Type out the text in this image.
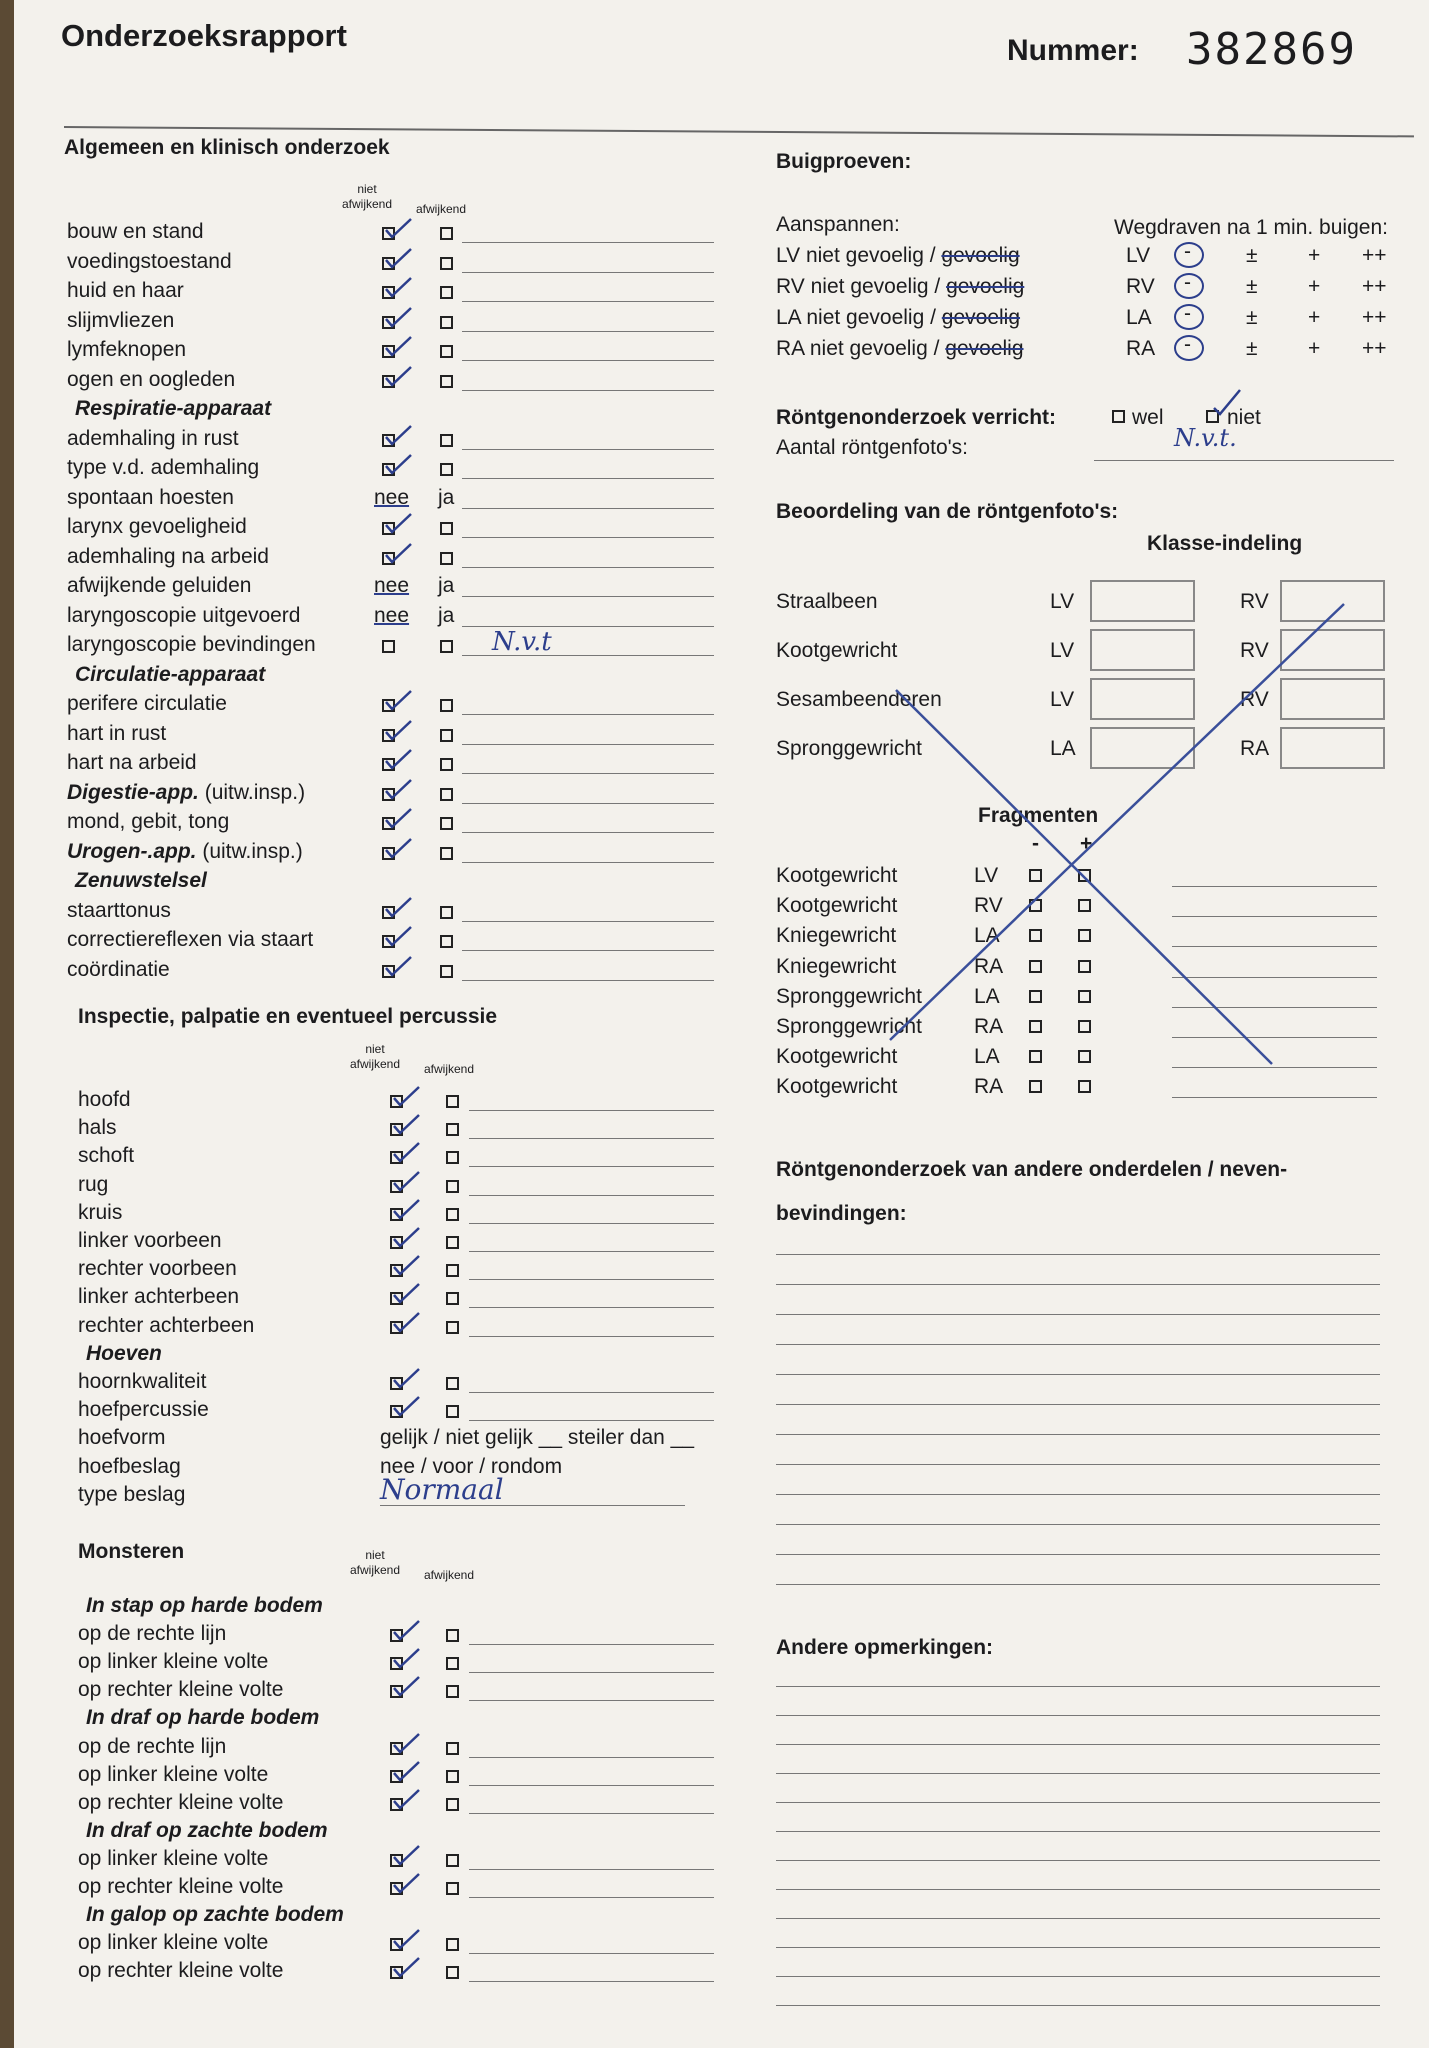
Onderzoeksrapport	Nummer: 382869
Algemeen en klinisch onderzoek
niet afwijkend	afwijkend
bouw en stand
voedingstoestand
huid en haar
slijmvliezen
lymfeknopen
ogen en oogleden
Respiratie-apparaat
ademhaling in rust
type v.d. ademhaling
spontaan hoesten	nee ja
larynx gevoeligheid
ademhaling na arbeid
afwijkende geluiden	nee ja
laryngoscopie uitgevoerd	nee ja
laryngoscopie bevindingen	N.v.t
Circulatie-apparaat
perifere circulatie
hart in rust
hart na arbeid
Digestie-app. (uitw.insp.)
mond, gebit, tong
Urogen-.app. (uitw.insp.)
Zenuwstelsel
staarttonus
correctiereflexen via staart
coördinatie
Inspectie, palpatie en eventueel percussie
niet afwijkend	afwijkend
hoofd
hals
schoft
rug
kruis
linker voorbeen
rechter voorbeen
linker achterbeen
rechter achterbeen
Hoeven
hoornkwaliteit
hoefpercussie
hoefvorm	gelijk / niet gelijk __ steiler dan __
hoefbeslag	nee / voor / rondom
type beslag	Normaal
Monsteren	niet afwijkend	afwijkend
In stap op harde bodem
op de rechte lijn
op linker kleine volte
op rechter kleine volte
In draf op harde bodem
op de rechte lijn
op linker kleine volte
op rechter kleine volte
In draf op zachte bodem
op linker kleine volte
op rechter kleine volte
In galop op zachte bodem
op linker kleine volte
op rechter kleine volte
Buigproeven:
Aanspannen:	Wegdraven na 1 min. buigen:
LV niet gevoelig / gevoelig	LV -	± + ++
RV niet gevoelig / gevoelig	RV -	± + ++
LA niet gevoelig / gevoelig	LA -	± + ++
RA niet gevoelig / gevoelig	RA -	± + ++
Röntgenonderzoek verricht:	wel	niet
Aantal röntgenfoto's:	N.v.t.
Beoordeling van de röntgenfoto's:
Klasse-indeling
Straalbeen	LV	RV
Kootgewricht	LV	RV
Sesambeenderen	LV	RV
Spronggewricht	LA	RA
Fragmenten
- +
Kootgewricht	LV
Kootgewricht	RV
Kniegewricht	LA
Kniegewricht	RA
Spronggewricht LA
Spronggewricht RA
Kootgewricht	LA
Kootgewricht	RA
Röntgenonderzoek van andere onderdelen / neven-
bevindingen:
Andere opmerkingen:
